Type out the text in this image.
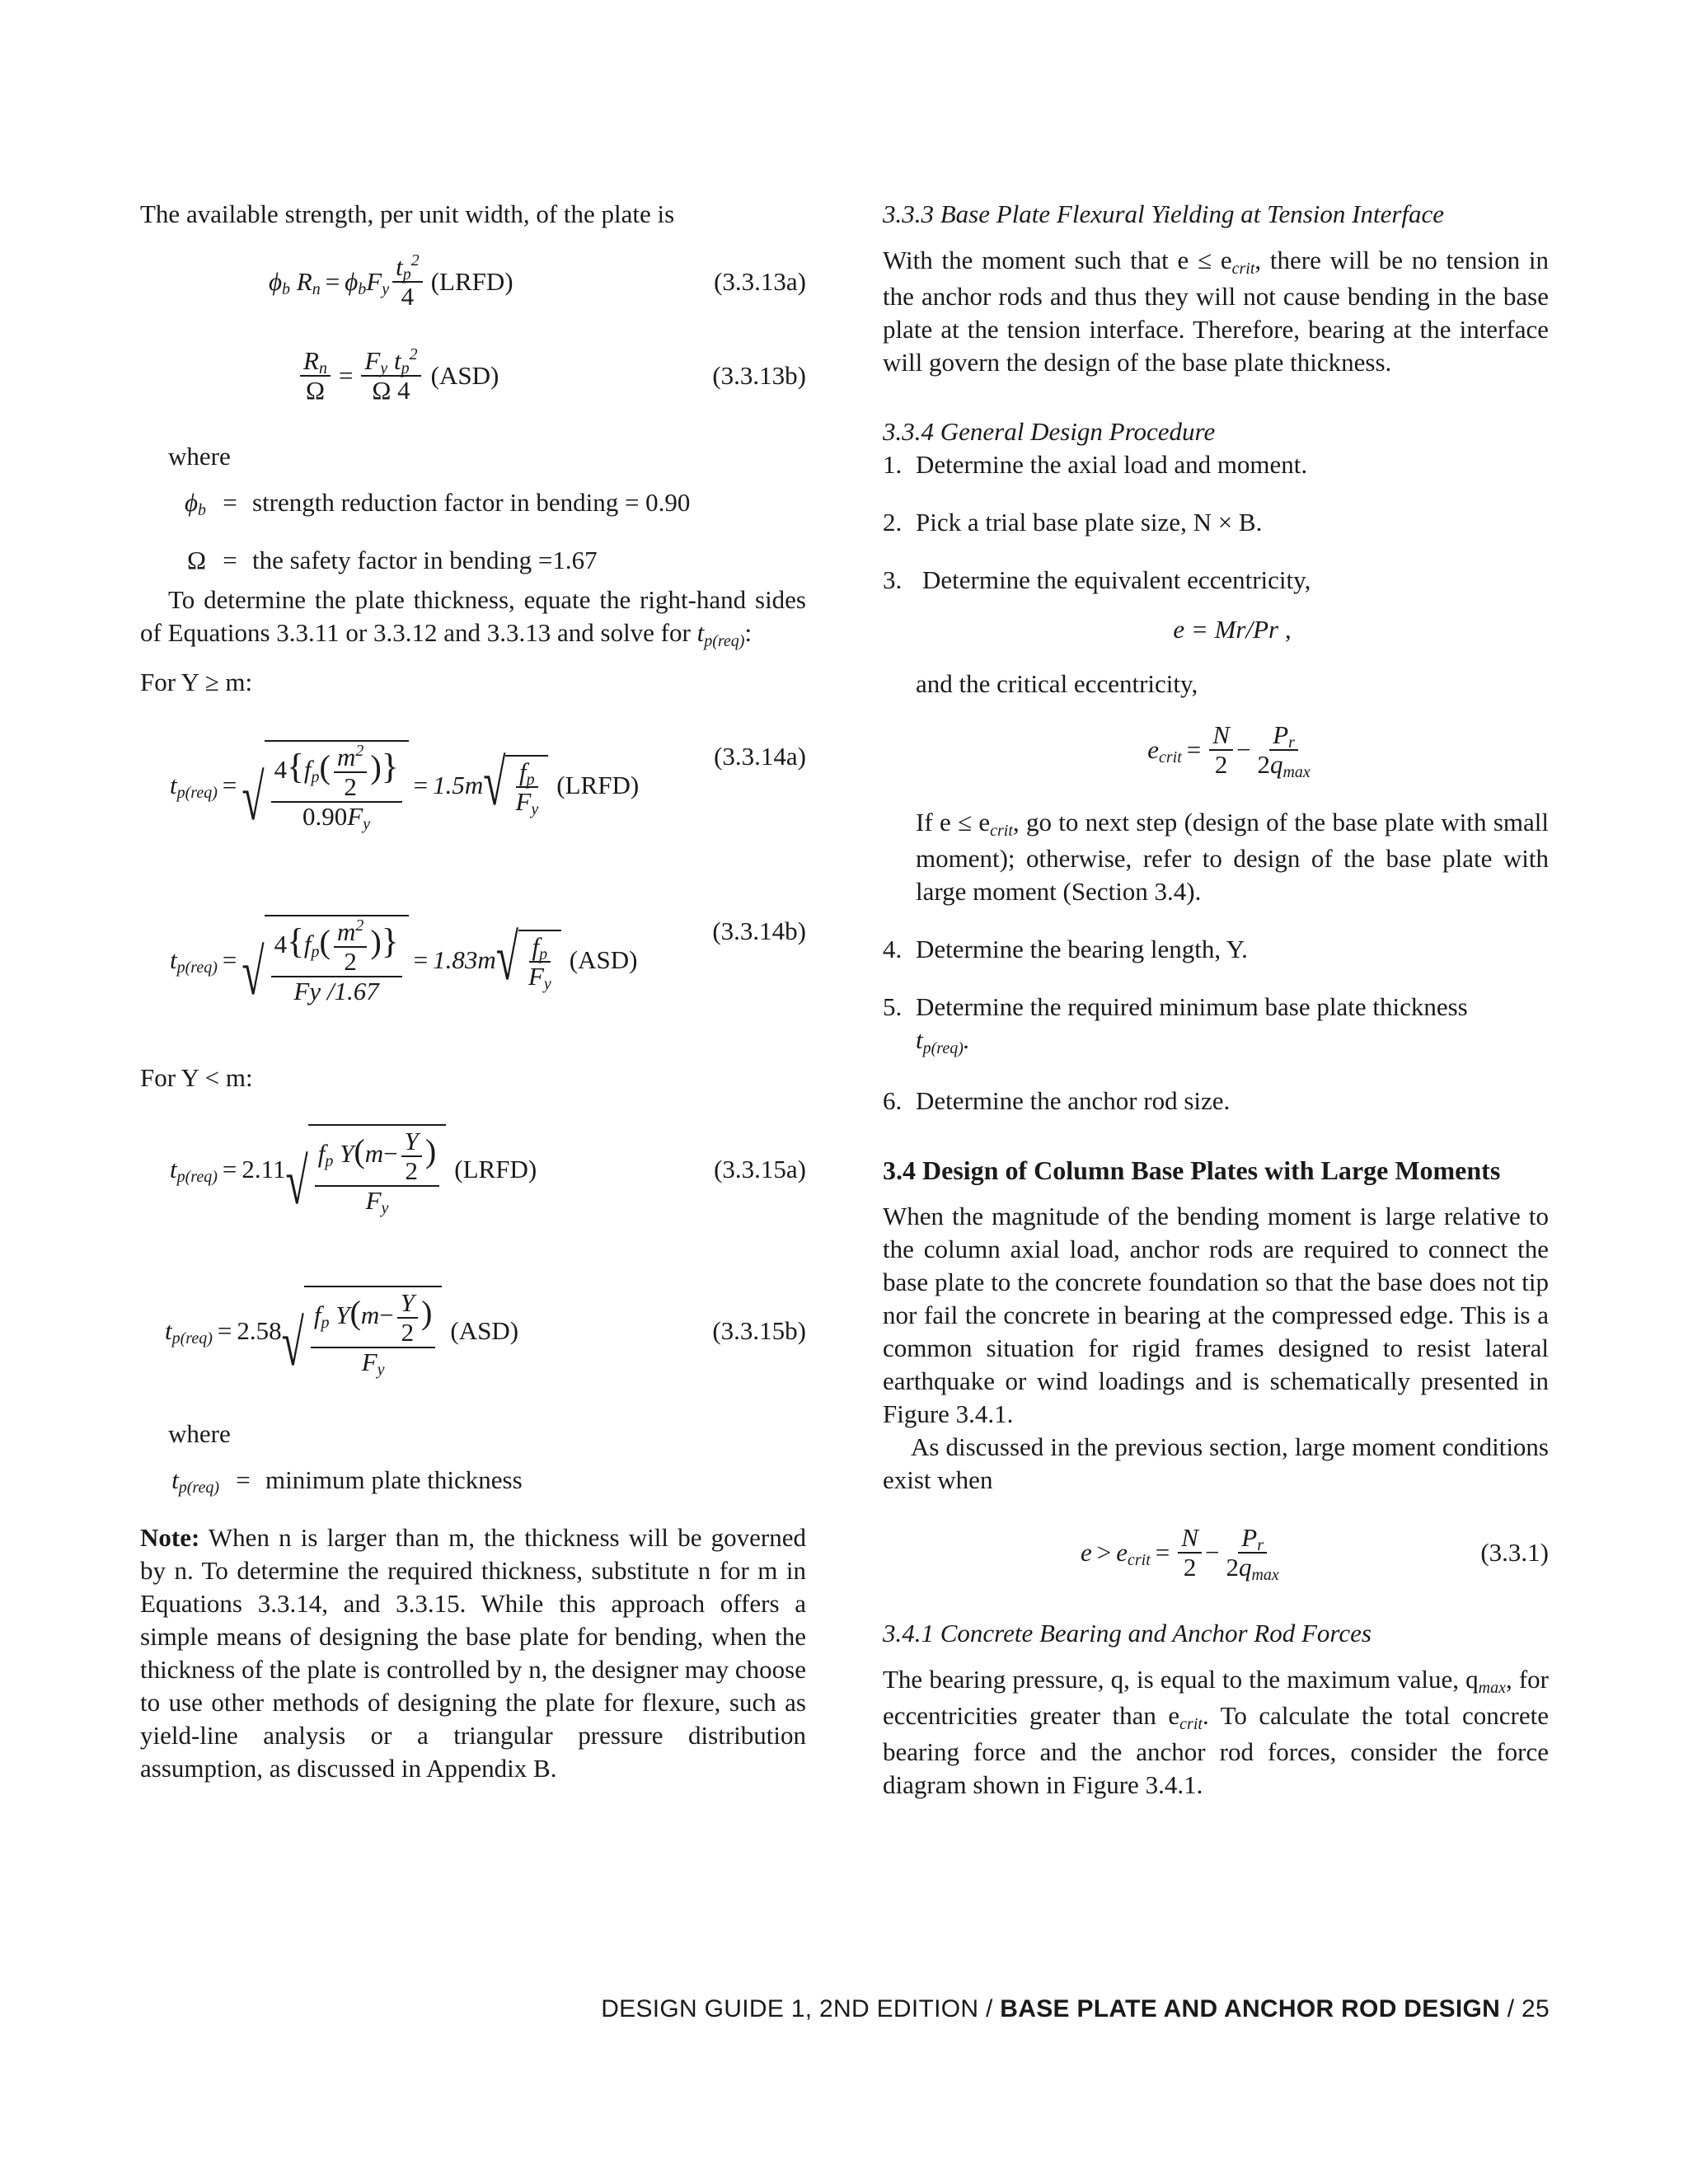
The available strength, per unit width, of the plate is

$\phi_b$ $R_n = \phi_bF_y \frac{t_p^2}{4}$ (LRFD)	(3.3.13a)
$\frac{R_n}{\Omega} = \frac{F_y t_p^2}{\Omega 4} (ASD)$	(3.3.13b)

where

$\phi_b$ = strength reduction factor in bending = 0.90
Ω = the safety factor in bending =1.67

To determine the plate thickness, equate the right-hand sides of Equations 3.3.11 or 3.3.12 and 3.3.13 and solve for tp(req):

For Y ≥ m:

$t_{p(req)}$ = √ $\frac{4\{f_p( \frac{m^2}{2} )\}}{0.90F_y} = 1.5m$ √ $\frac{f_p}{F_y}$ (LRFD)
(3.3.14a)
$t_{p(req)}$ = √ $\frac{4\{f_p( \frac{m^2}{2} )\}}{Fy /1.67} = 1.83m$ √ $\frac{f_p}{F_y} (ASD)$
(3.3.14b)

For Y < m:

$t_{p(req)} = 2.11$ √ $\frac{f_p Y(m- \frac{Y}{2} )}{F_y}$ (LRFD)	(3.3.15a)
$t_{p(req)} = 2.58$ √ $\frac{f_p Y(m- \frac{Y}{2} )}{F_y} (ASD)$	(3.3.15b)

where

$t_{p(req)}$ = minimum plate thickness

Note: When n is larger than m, the thickness will be governed by n. To determine the required thickness, substitute n for m in Equations 3.3.14, and 3.3.15. While this approach offers a simple means of designing the base plate for bending, when the thickness of the plate is controlled by n, the designer may choose to use other methods of designing the plate for flexure, such as yield-line analysis or a triangular pressure distribution assumption, as discussed in Appendix B.

3.3.3 Base Plate Flexural Yielding at Tension Interface

With the moment such that e ≤ ecrit, there will be no tension in the anchor rods and thus they will not cause bending in the base plate at the tension interface. Therefore, bearing at the interface will govern the design of the base plate thickness.

3.3.4 General Design Procedure

1. Determine the axial load and moment.
2. Pick a trial base plate size, N × B.
3. Determine the equivalent eccentricity,
e = Mr/Pr ,
and the critical eccentricity,
$e_{crit} = \frac{N}{2} - \frac{P_r}{2q_{max}}$

If e ≤ ecrit, go to next step (design of the base plate with small moment); otherwise, refer to design of the base plate with large moment (Section 3.4).

4. Determine the bearing length, Y.
5. Determine the required minimum base plate thickness
tp(req).
6. Determine the anchor rod size.

3.4 Design of Column Base Plates with Large Moments

When the magnitude of the bending moment is large relative to the column axial load, anchor rods are required to connect the base plate to the concrete foundation so that the base does not tip nor fail the concrete in bearing at the compressed edge. This is a common situation for rigid frames designed to resist lateral earthquake or wind loadings and is schematically presented in Figure 3.4.1.

As discussed in the previous section, large moment conditions exist when

$e > e_{crit} = \frac{N}{2} - \frac{P_r}{2q_{max}}$	(3.3.1)

3.4.1 Concrete Bearing and Anchor Rod Forces

The bearing pressure, q, is equal to the maximum value, qmax, for eccentricities greater than ecrit. To calculate the total concrete bearing force and the anchor rod forces, consider the force diagram shown in Figure 3.4.1.

DESIGN GUIDE 1, 2ND EDITION / BASE PLATE AND ANCHOR ROD DESIGN / 25
